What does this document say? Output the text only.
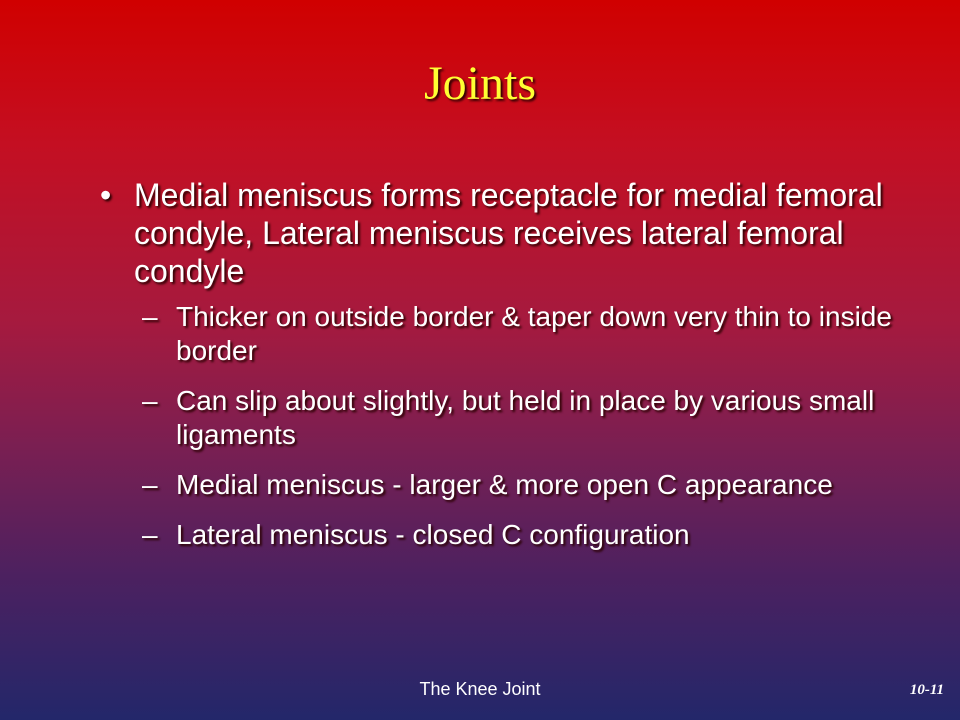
Joints
• Medial meniscus forms receptacle for medial femoral condyle, Lateral meniscus receives lateral femoral condyle
– Thicker on outside border & taper down very thin to inside border
– Can slip about slightly, but held in place by various small ligaments
– Medial meniscus - larger & more open C appearance
– Lateral meniscus - closed C configuration
The Knee Joint	10-11
